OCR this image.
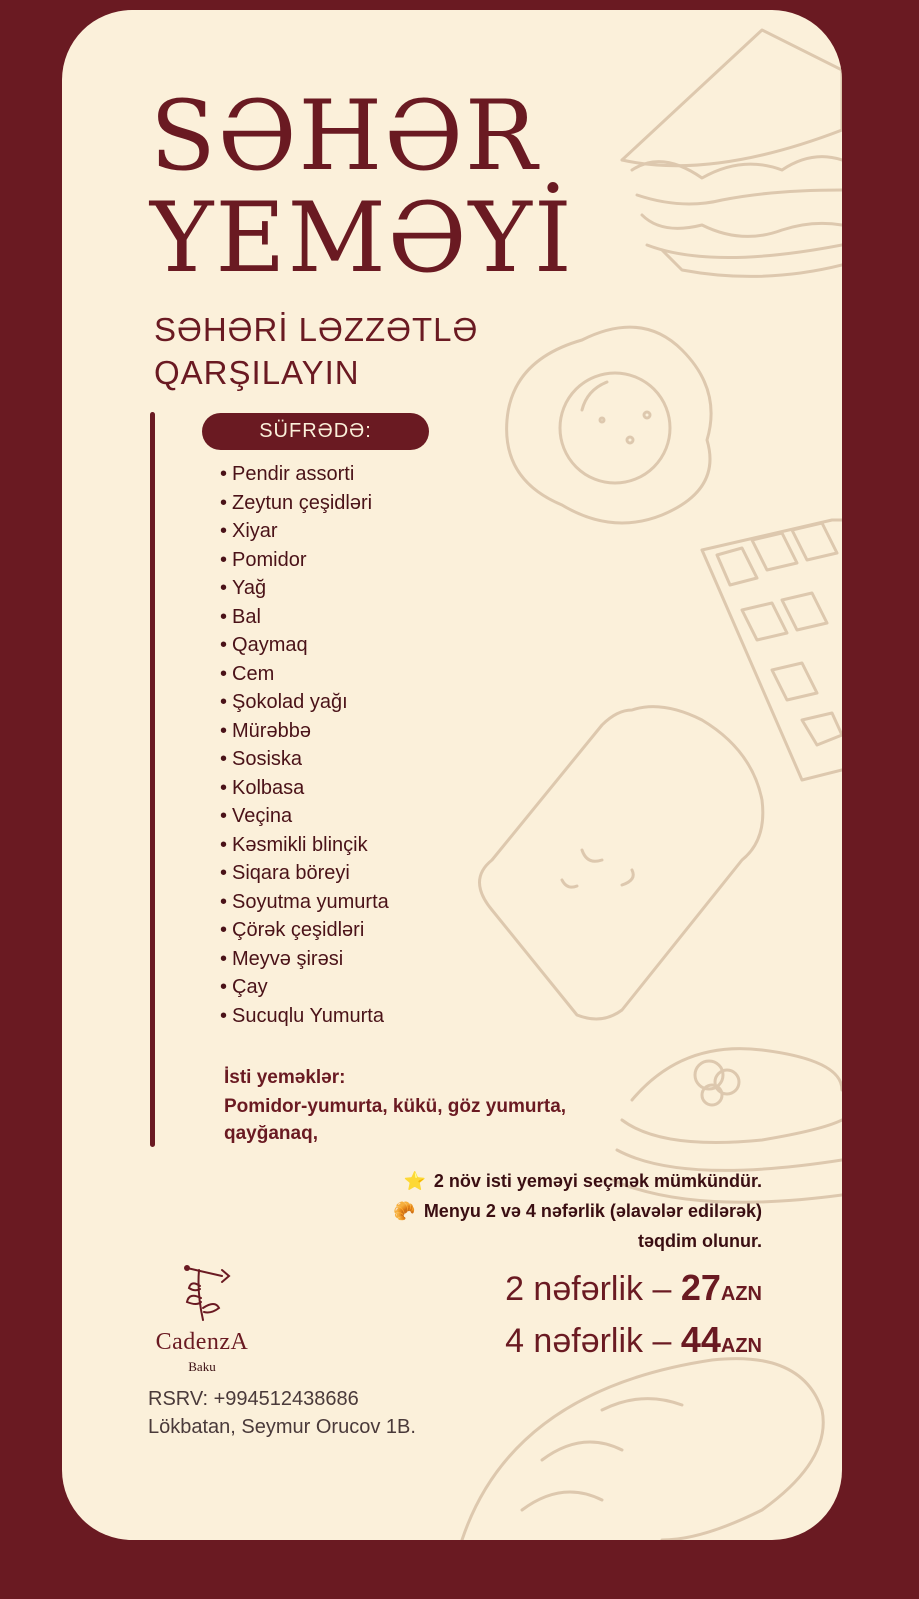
SƏHƏR
YEMƏYİ
SƏHƏRİ LƏZZƏTLƏ
QARŞILAYIN
SÜFRƏDƏ:
• Pendir assorti
• Zeytun çeşidləri
• Xiyar
• Pomidor
• Yağ
• Bal
• Qaymaq
• Cem
• Şokolad yağı
• Mürəbbə
• Sosiska
• Kolbasa
• Veçina
• Kəsmikli blinçik
• Siqara böreyi
• Soyutma yumurta
• Çörək çeşidləri
• Meyvə şirəsi
• Çay
• Sucuqlu Yumurta
İsti yeməklər:
Pomidor-yumurta, kükü, göz yumurta, qayğanaq,
⭐ 2 növ isti yeməyi seçmək mümkündür.
🥐 Menyu 2 və 4 nəfərlik (əlavələr edilərək)
təqdim olunur.
2 nəfərlik – 27AZN
4 nəfərlik – 44AZN
CadenzA
Baku
RSRV: +994512438686
Lökbatan, Seymur Orucov 1B.
